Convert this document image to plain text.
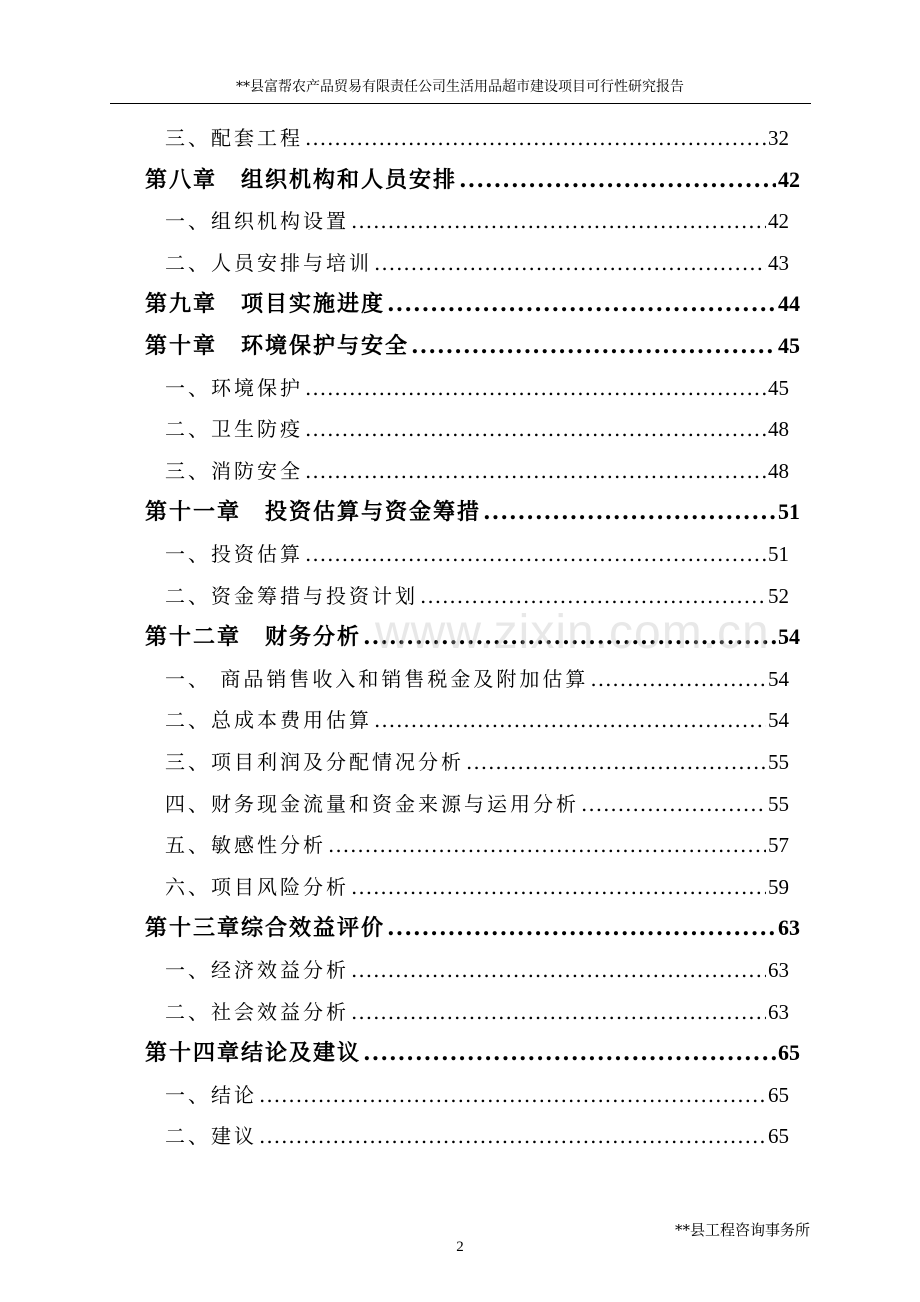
**县富帮农产品贸易有限责任公司生活用品超市建设项目可行性研究报告
三、配套工程 .....	32
第八章　组织机构和人员安排 .....	42
一、组织机构设置 .....	42
二、人员安排与培训 .....	43
第九章　项目实施进度 .....	44
第十章　环境保护与安全 .....	45
一、环境保护 .....	45
二、卫生防疫 .....	48
三、消防安全 .....	48
第十一章　投资估算与资金筹措 .....	51
一、投资估算 .....	51
二、资金筹措与投资计划 .....	52
第十二章　财务分析 .....	54
一、 商品销售收入和销售税金及附加估算 .....	54
二、总成本费用估算 .....	54
三、项目利润及分配情况分析 .....	55
四、财务现金流量和资金来源与运用分析 .....	55
五、敏感性分析 .....	57
六、项目风险分析 .....	59
第十三章综合效益评价 .....	63
一、经济效益分析 .....	63
二、社会效益分析 .....	63
第十四章结论及建议 .....	65
一、结论 .....	65
二、建议 .....	65
www.zixin.com.cn
**县工程咨询事务所
2
